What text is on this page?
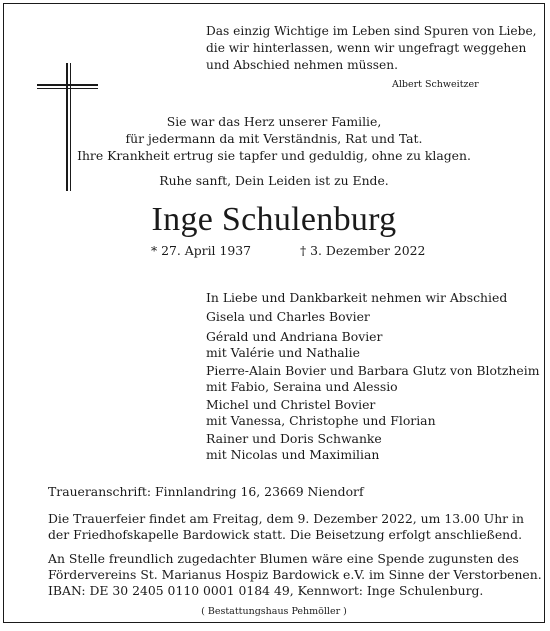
Das einzig Wichtige im Leben sind Spuren von Liebe,
die wir hinterlassen, wenn wir ungefragt weggehen
und Abschied nehmen müssen.
Albert Schweitzer
Sie war das Herz unserer Familie,
für jedermann da mit Verständnis, Rat und Tat.
Ihre Krankheit ertrug sie tapfer und geduldig, ohne zu klagen.
Ruhe sanft, Dein Leiden ist zu Ende.
Inge Schulenburg
* 27. April 1937	† 3. Dezember 2022
In Liebe und Dankbarkeit nehmen wir Abschied
Gisela und Charles Bovier
Gérald und Andriana Bovier
mit Valérie und Nathalie
Pierre-Alain Bovier und Barbara Glutz von Blotzheim
mit Fabio, Seraina und Alessio
Michel und Christel Bovier
mit Vanessa, Christophe und Florian
Rainer und Doris Schwanke
mit Nicolas und Maximilian
Traueranschrift: Finnlandring 16, 23669 Niendorf
Die Trauerfeier findet am Freitag, dem 9. Dezember 2022, um 13.00 Uhr in
der Friedhofskapelle Bardowick statt. Die Beisetzung erfolgt anschließend.
An Stelle freundlich zugedachter Blumen wäre eine Spende zugunsten des
Fördervereins St. Marianus Hospiz Bardowick e.V. im Sinne der Verstorbenen.
IBAN: DE 30 2405 0110 0001 0184 49, Kennwort: Inge Schulenburg.
( Bestattungshaus Pehmöller )
